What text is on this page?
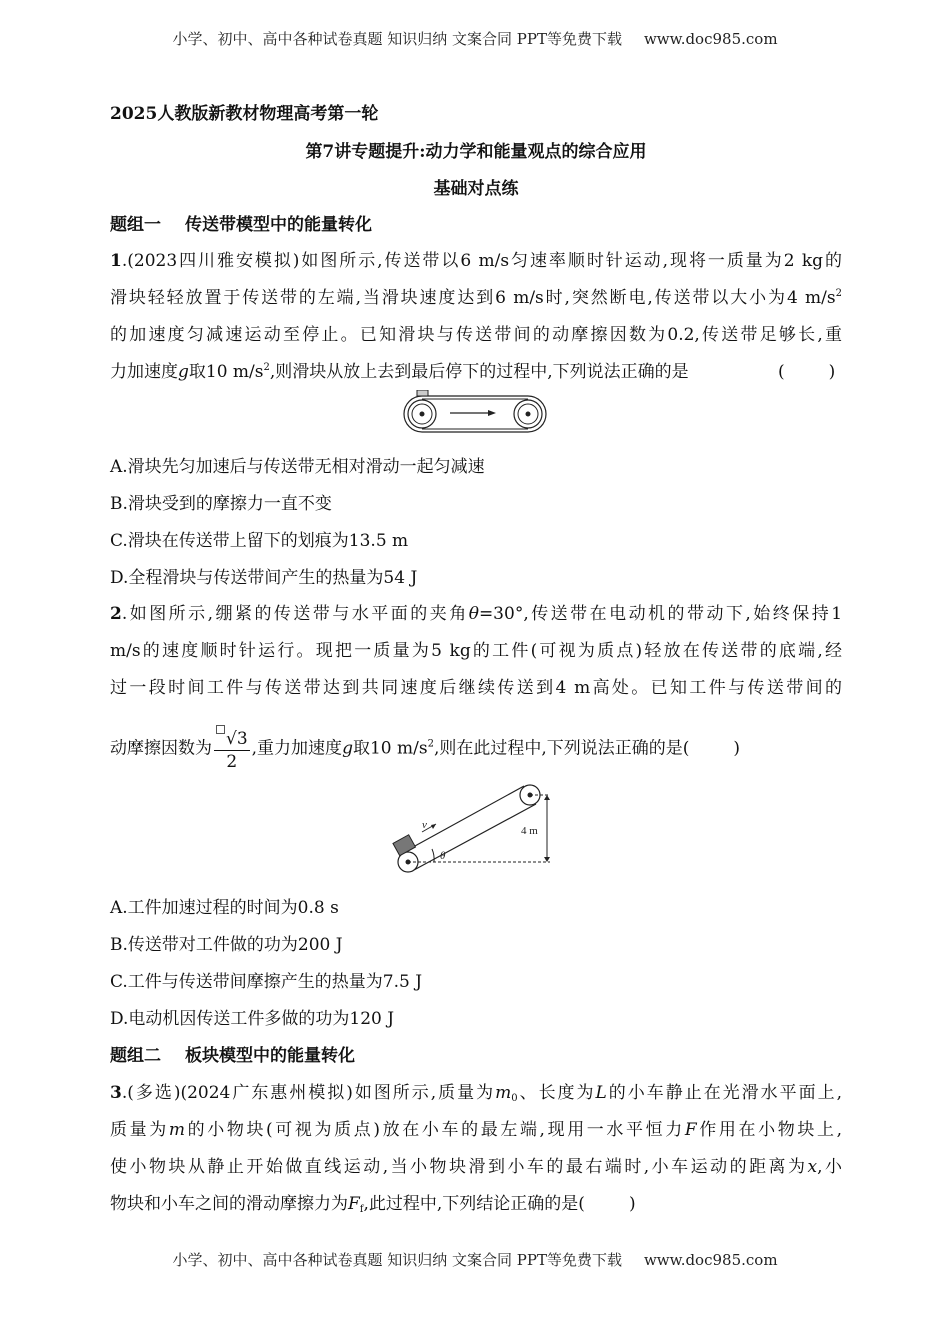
小学、初中、高中各种试卷真题 知识归纳 文案合同 PPT等免费下载 www.doc985.com
2025人教版新教材物理高考第一轮
第7讲专题提升:动力学和能量观点的综合应用
基础对点练
题组一 传送带模型中的能量转化
1.(2023四川雅安模拟)如图所示,传送带以6 m/s匀速率顺时针运动,现将一质量为2 kg的
滑块轻轻放置于传送带的左端,当滑块速度达到6 m/s时,突然断电,传送带以大小为4 $m/s^2$
的加速度匀减速运动至停止。已知滑块与传送带间的动摩擦因数为0.2,传送带足够长,重
力加速度g取10 $m/s^2$,则滑块从放上去到最后停下的过程中,下列说法正确的是	(	)
A.滑块先匀加速后与传送带无相对滑动一起匀减速
B.滑块受到的摩擦力一直不变
C.滑块在传送带上留下的划痕为13.5 m
D.全程滑块与传送带间产生的热量为54 J
2.如图所示,绷紧的传送带与水平面的夹角θ=30°,传送带在电动机的带动下,始终保持1
m/s的速度顺时针运行。现把一质量为5 kg的工件(可视为质点)轻放在传送带的底端,经
过一段时间工件与传送带达到共同速度后继续传送到4 m高处。已知工件与传送带间的
动摩擦因数为 $\frac{√3}{2}$ ,重力加速度g取10 $m/s^2$,则在此过程中,下列说法正确的是(	)
A.工件加速过程的时间为0.8 s
B.传送带对工件做的功为200 J
C.工件与传送带间摩擦产生的热量为7.5 J
D.电动机因传送工件多做的功为120 J
题组二 板块模型中的能量转化
3.(多选)(2024广东惠州模拟)如图所示,质量为$m_0$、长度为L的小车静止在光滑水平面上,
质量为m的小物块(可视为质点)放在小车的最左端,现用一水平恒力F作用在小物块上,
使小物块从静止开始做直线运动,当小物块滑到小车的最右端时,小车运动的距离为x,小
物块和小车之间的滑动摩擦力为$F_f$,此过程中,下列结论正确的是(	)
v
θ
4 m
小学、初中、高中各种试卷真题 知识归纳 文案合同 PPT等免费下载 www.doc985.com
